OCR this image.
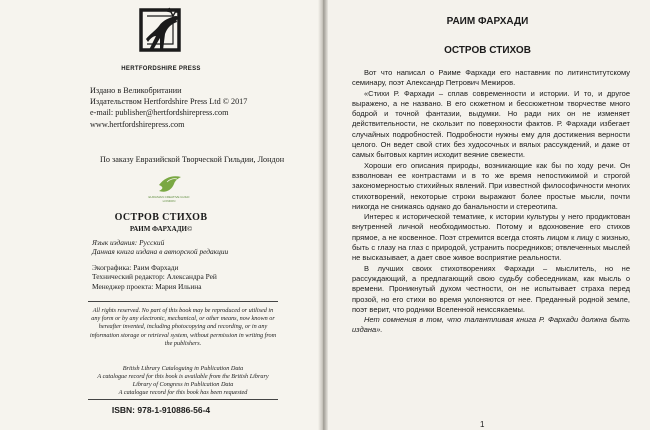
HERTFORDSHIRE PRESS
Издано в Великобритании
Издательством Hertfordshire Press Ltd © 2017
e-mail: publisher@hertfordshirepress.com
www.hertfordshirepress.com
По заказу Евразийской Творческой Гильдии, Лондон
EURASIAN CREATIVE GUILD LONDON
ОСТРОВ СТИХОВ
РАИМ ФАРХАДИ©
Язык издания: Русский
Данная книга издана в авторской редакции
Экографика: Раим Фархади
Технический редактор: Александра Рей
Менеджер проекта: Мария Ильина
All rights reserved. No part of this book may be reproduced or utilised in any form or by any electronic, mechanical, or other means, now known or hereafter invented, including photocopying and recording, or in any information storage or retrieval system, without permission in writing from the publishers.
British Library Cataloguing in Publication Data
A catalogue record for this book is available from the British Library
Library of Congress in Publication Data
A catalogue record for this book has been requested
ISBN: 978-1-910886-56-4
РАИМ ФАРХАДИ
ОСТРОВ СТИХОВ

Вот что написал о Раиме Фархади его наставник по литинститутскому семинару, поэт Александр Петрович Межиров.

«Стихи Р. Фархади – сплав современности и истории. И то, и другое выражено, а не названо. В его сюжетном и бессюжетном творчестве много бодрой и точной фантазии, выдумки. Но ради них он не изменяет действительности, не скользит по поверхности фактов. Р. Фархади избегает случайных подробностей. Подробности нужны ему для достижения верности целого. Он ведет свой стих без худосочных и вялых рассуждений, и даже от самых бытовых картин исходит веяние свежести.

Хороши его описания природы, возникающие как бы по ходу речи. Он взволнован ее контрастами и в то же время непостижимой и строгой закономерностью стихийных явлений. При известной философичности многих стихотворений, некоторые строки выражают более простые мысли, почти никогда не снижаясь однако до банальности и стереотипа.

Интерес к исторической тематике, к истории культуры у него продиктован внутренней личной необходимостью. Потому и вдохновение его стихов прямое, а не косвенное. Поэт стремится всегда стоять лицом к лицу с жизнью, быть с глазу на глаз с природой, устранить посредников; отвлеченных мыслей не высказывает, а дает свое живое восприятие реальности.

В лучших своих стихотворениях Фархади – мыслитель, но не рассуждающий, а предлагающий свою судьбу собеседникам, как мысль о времени. Проникнутый духом честности, он не испытывает страха перед прозой, но его стихи во время уклоняются от нее. Преданный родной земле, поэт верит, что родники Вселенной неиссякаемы.

Нет сомнения в том, что талантливая книга Р. Фархади должна быть издана».

1
